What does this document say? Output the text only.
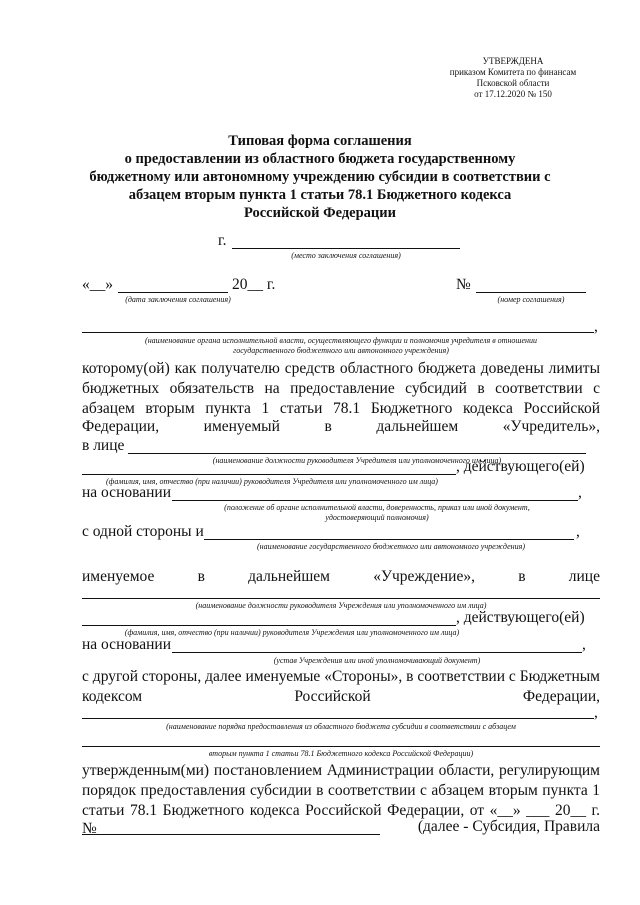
УТВЕРЖДЕНА
приказом Комитета по финансам
Псковской области
от 17.12.2020 № 150
Типовая форма соглашения
о предоставлении из областного бюджета государственному
бюджетному или автономному учреждению субсидии в соответствии с
абзацем вторым пункта 1 статьи 78.1 Бюджетного кодекса
Российской Федерации
г.
(место заключения соглашения)
«__»	20__ г.
(дата заключения соглашения)
№
(номер соглашения)
,
(наименование органа исполнительной власти, осуществляющего функции и полномочия учредителя в отношении
государственного бюджетного или автономного учреждения)
которому(ой) как получателю средств областного бюджета доведены лимиты
бюджетных обязательств на предоставление субсидий в соответствии с
абзацем вторым пункта 1 статьи 78.1 Бюджетного кодекса Российской
Федерации,	именуемый	в	дальнейшем	«Учредитель»,
в лице
(наименование должности руководителя Учредителя или уполномоченного им лица)
, действующего(ей)
(фамилия, имя, отчество (при наличии) руководителя Учредителя или уполномоченного им лица)
на основании	,
(положение об органе исполнительной власти, доверенность, приказ или иной документ,
удостоверяющий полномочия)
с одной стороны и	,
(наименование государственного бюджетного или автономного учреждения)
именуемое	в	дальнейшем	«Учреждение»,	в	лице
(наименование должности руководителя Учреждения или уполномоченного им лица)
, действующего(ей)
(фамилия, имя, отчество (при наличии) руководителя Учреждения или уполномоченного им лица)
на основании	,
(устав Учреждения или иной уполномочивающий документ)
с другой стороны, далее именуемые «Стороны», в соответствии с Бюджетным
кодексом	Российской	Федерации,
,
(наименование порядка предоставления из областного бюджета субсидии в соответствии с абзацем
вторым пункта 1 статьи 78.1 Бюджетного кодекса Российской Федерации)
утвержденным(ми) постановлением Администрации области, регулирующим
порядок предоставления субсидии в соответствии с абзацем вторым пункта 1
статьи 78.1 Бюджетного кодекса Российской Федерации, от «__» ___ 20__ г. №	(далее - Субсидия, Правила
